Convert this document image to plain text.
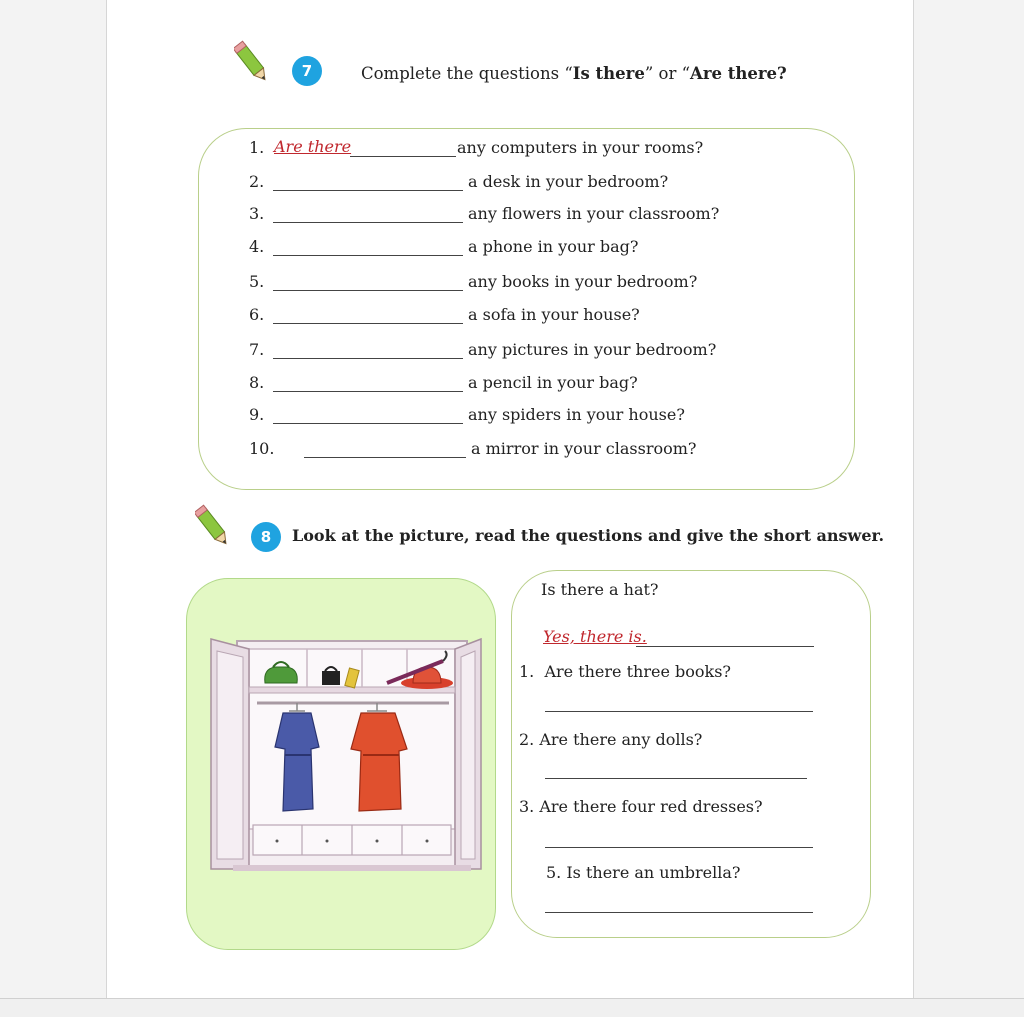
7	Complete the questions “Is there” or “Are there?
1. Are there	any computers in your rooms?
2.	a desk in your bedroom?
3.	any flowers in your classroom?
4.	a phone in your bag?
5.	any books in your bedroom?
6.	a sofa in your house?
7.	any pictures in your bedroom?
8.	a pencil in your bag?
9.	any spiders in your house?
10.	a mirror in your classroom?
8	Look at the picture, read the questions and give the short answer.
Is there a hat?
Yes, there is.
1.  Are there three books?
2. Are there any dolls?
3. Are there four red dresses?
5. Is there an umbrella?
